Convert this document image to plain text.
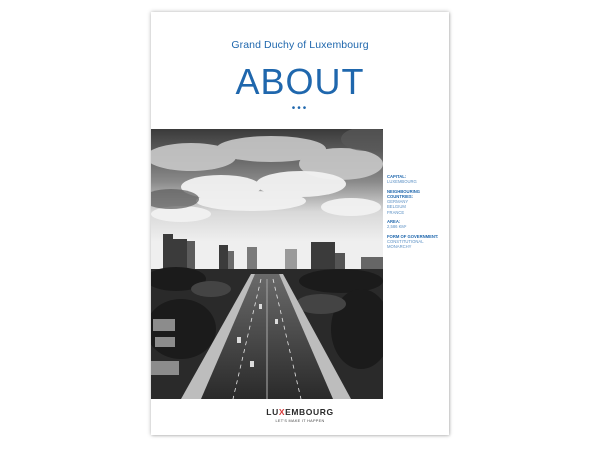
Grand Duchy of Luxembourg
ABOUT
•••
CAPITAL:
LUXEMBOURG
NEIGHBOURING COUNTRIES:
GERMANY
BELGIUM
FRANCE
AREA:
2,586 KM²
FORM OF GOVERNMENT:
CONSTITUTIONAL MONARCHY
LUXEMBOURG
LET'S MAKE IT HAPPEN
